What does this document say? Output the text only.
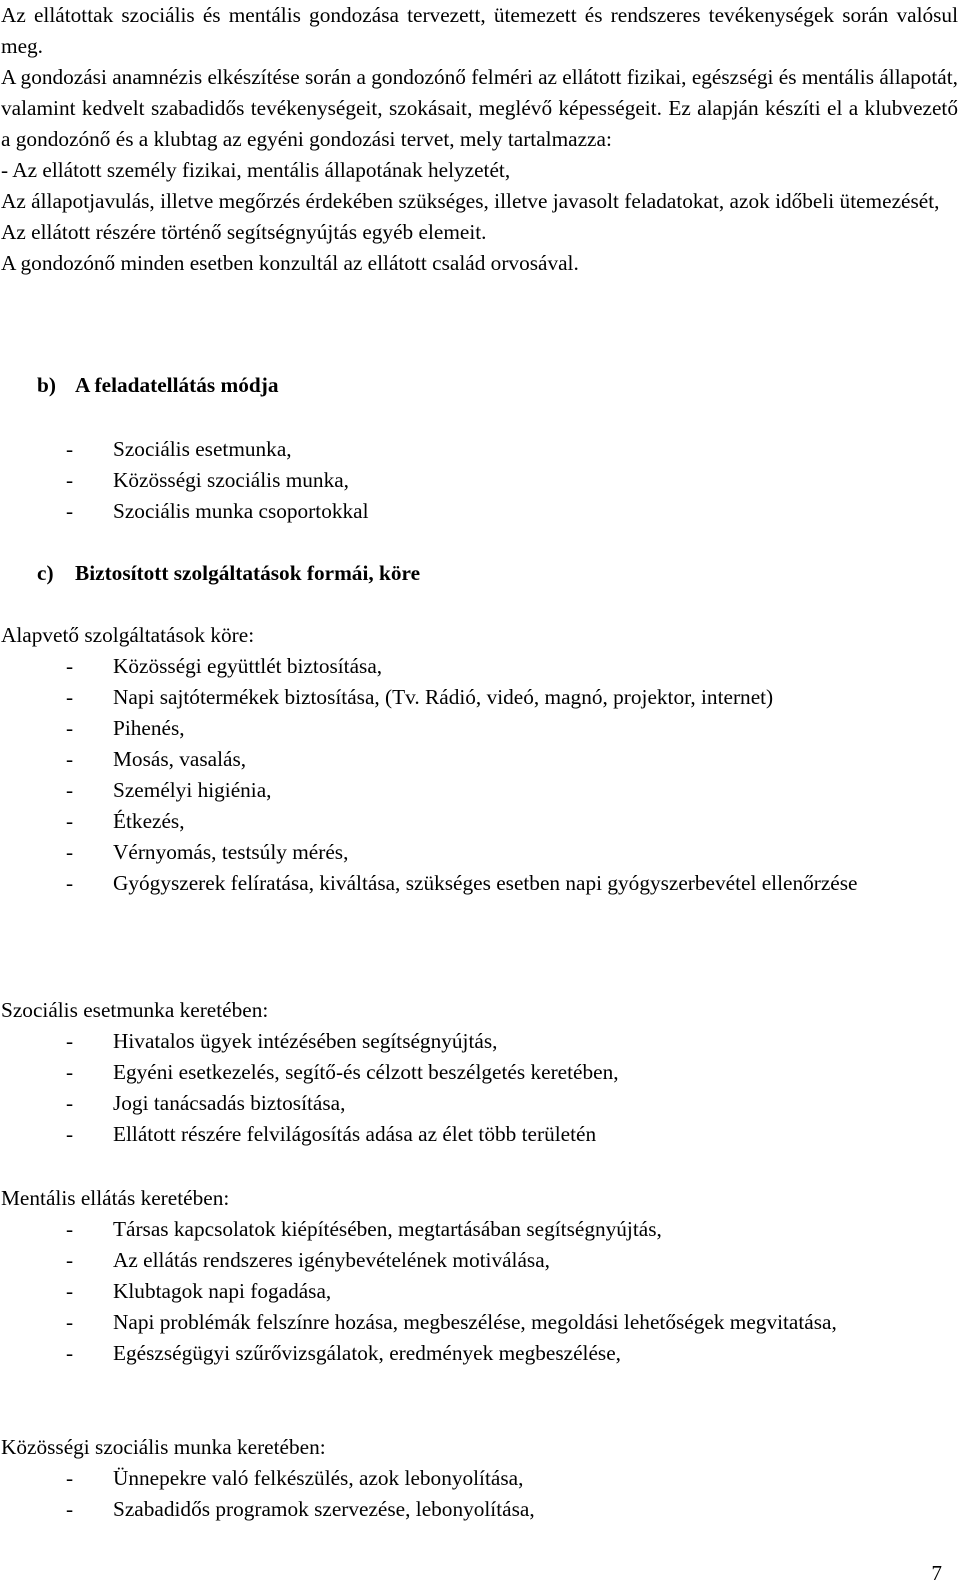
Az ellátottak szociális és mentális gondozása tervezett, ütemezett és rendszeres tevékenységek során valósul meg.

A gondozási anamnézis elkészítése során a gondozónő felméri az ellátott fizikai, egészségi és mentális állapotát, valamint kedvelt szabadidős tevékenységeit, szokásait, meglévő képességeit. Ez alapján készíti el a klubvezető a gondozónő és a klubtag az egyéni gondozási tervet, mely tartalmazza:

- Az ellátott személy fizikai, mentális állapotának helyzetét,

Az állapotjavulás, illetve megőrzés érdekében szükséges, illetve javasolt feladatokat, azok időbeli ütemezését,

Az ellátott részére történő segítségnyújtás egyéb elemeit.

A gondozónő minden esetben konzultál az ellátott család orvosával.

b) A feladatellátás módja
- Szociális esetmunka,
- Közösségi szociális munka,
- Szociális munka csoportokkal
c) Biztosított szolgáltatások formái, köre
Alapvető szolgáltatások köre:
- Közösségi együttlét biztosítása,
- Napi sajtótermékek biztosítása, (Tv. Rádió, videó, magnó, projektor, internet)
- Pihenés,
- Mosás, vasalás,
- Személyi higiénia,
- Étkezés,
- Vérnyomás, testsúly mérés,
- Gyógyszerek felíratása, kiváltása, szükséges esetben napi gyógyszerbevétel ellenőrzése
Szociális esetmunka keretében:
- Hivatalos ügyek intézésében segítségnyújtás,
- Egyéni esetkezelés, segítő-és célzott beszélgetés keretében,
- Jogi tanácsadás biztosítása,
- Ellátott részére felvilágosítás adása az élet több területén
Mentális ellátás keretében:
- Társas kapcsolatok kiépítésében, megtartásában segítségnyújtás,
- Az ellátás rendszeres igénybevételének motiválása,
- Klubtagok napi fogadása,
- Napi problémák felszínre hozása, megbeszélése, megoldási lehetőségek megvitatása,
- Egészségügyi szűrővizsgálatok, eredmények megbeszélése,
Közösségi szociális munka keretében:
- Ünnepekre való felkészülés, azok lebonyolítása,
- Szabadidős programok szervezése, lebonyolítása,
7
